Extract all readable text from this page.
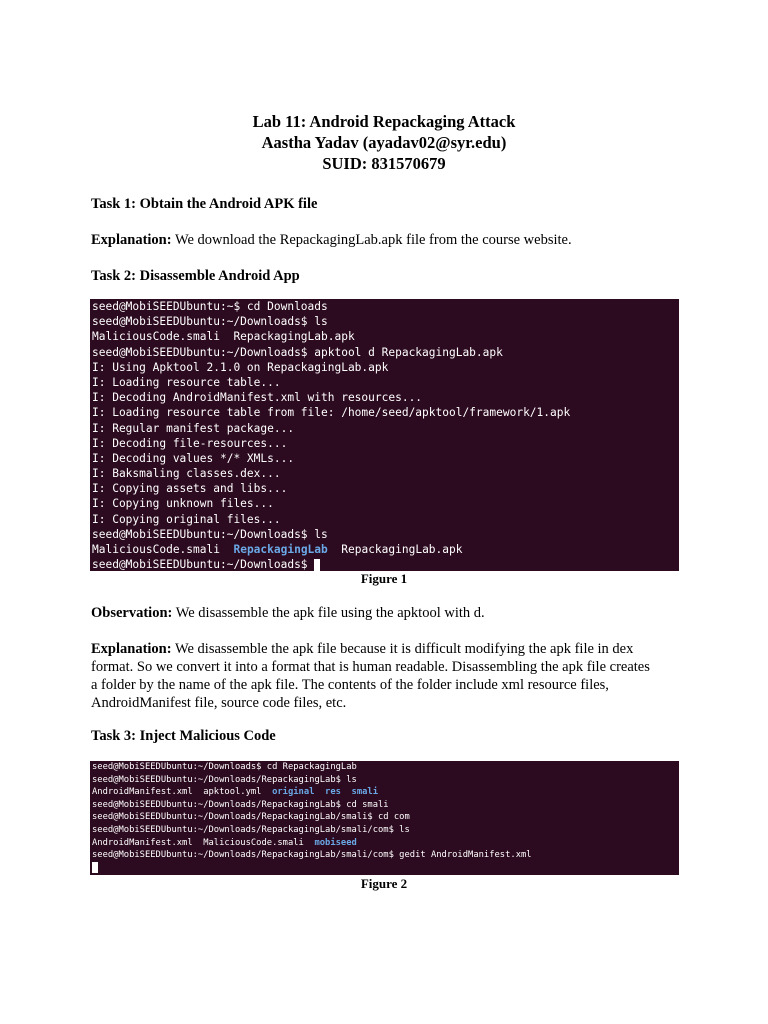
Lab 11: Android Repackaging Attack
Aastha Yadav (ayadav02@syr.edu)
SUID: 831570679
Task 1: Obtain the Android APK file
Explanation: We download the RepackagingLab.apk file from the course website.
Task 2: Disassemble Android App
seed@MobiSEEDUbuntu:~$ cd Downloads
seed@MobiSEEDUbuntu:~/Downloads$ ls
MaliciousCode.smali  RepackagingLab.apk
seed@MobiSEEDUbuntu:~/Downloads$ apktool d RepackagingLab.apk
I: Using Apktool 2.1.0 on RepackagingLab.apk
I: Loading resource table...
I: Decoding AndroidManifest.xml with resources...
I: Loading resource table from file: /home/seed/apktool/framework/1.apk
I: Regular manifest package...
I: Decoding file-resources...
I: Decoding values */* XMLs...
I: Baksmaling classes.dex...
I: Copying assets and libs...
I: Copying unknown files...
I: Copying original files...
seed@MobiSEEDUbuntu:~/Downloads$ ls
MaliciousCode.smali RepackagingLab RepackagingLab.apk
seed@MobiSEEDUbuntu:~/Downloads$
Figure 1
Observation: We disassemble the apk file using the apktool with d.
Explanation: We disassemble the apk file because it is difficult modifying the apk file in dex
format. So we convert it into a format that is human readable. Disassembling the apk file creates
a folder by the name of the apk file. The contents of the folder include xml resource files,
AndroidManifest file, source code files, etc.
Task 3: Inject Malicious Code
seed@MobiSEEDUbuntu:~/Downloads$ cd RepackagingLab
seed@MobiSEEDUbuntu:~/Downloads/RepackagingLab$ ls
AndroidManifest.xml  apktool.yml  original  res  smali
seed@MobiSEEDUbuntu:~/Downloads/RepackagingLab$ cd smali
seed@MobiSEEDUbuntu:~/Downloads/RepackagingLab/smali$ cd com
seed@MobiSEEDUbuntu:~/Downloads/RepackagingLab/smali/com$ ls
AndroidManifest.xml  MaliciousCode.smali  mobiseed
seed@MobiSEEDUbuntu:~/Downloads/RepackagingLab/smali/com$ gedit AndroidManifest.xml
Figure 2
